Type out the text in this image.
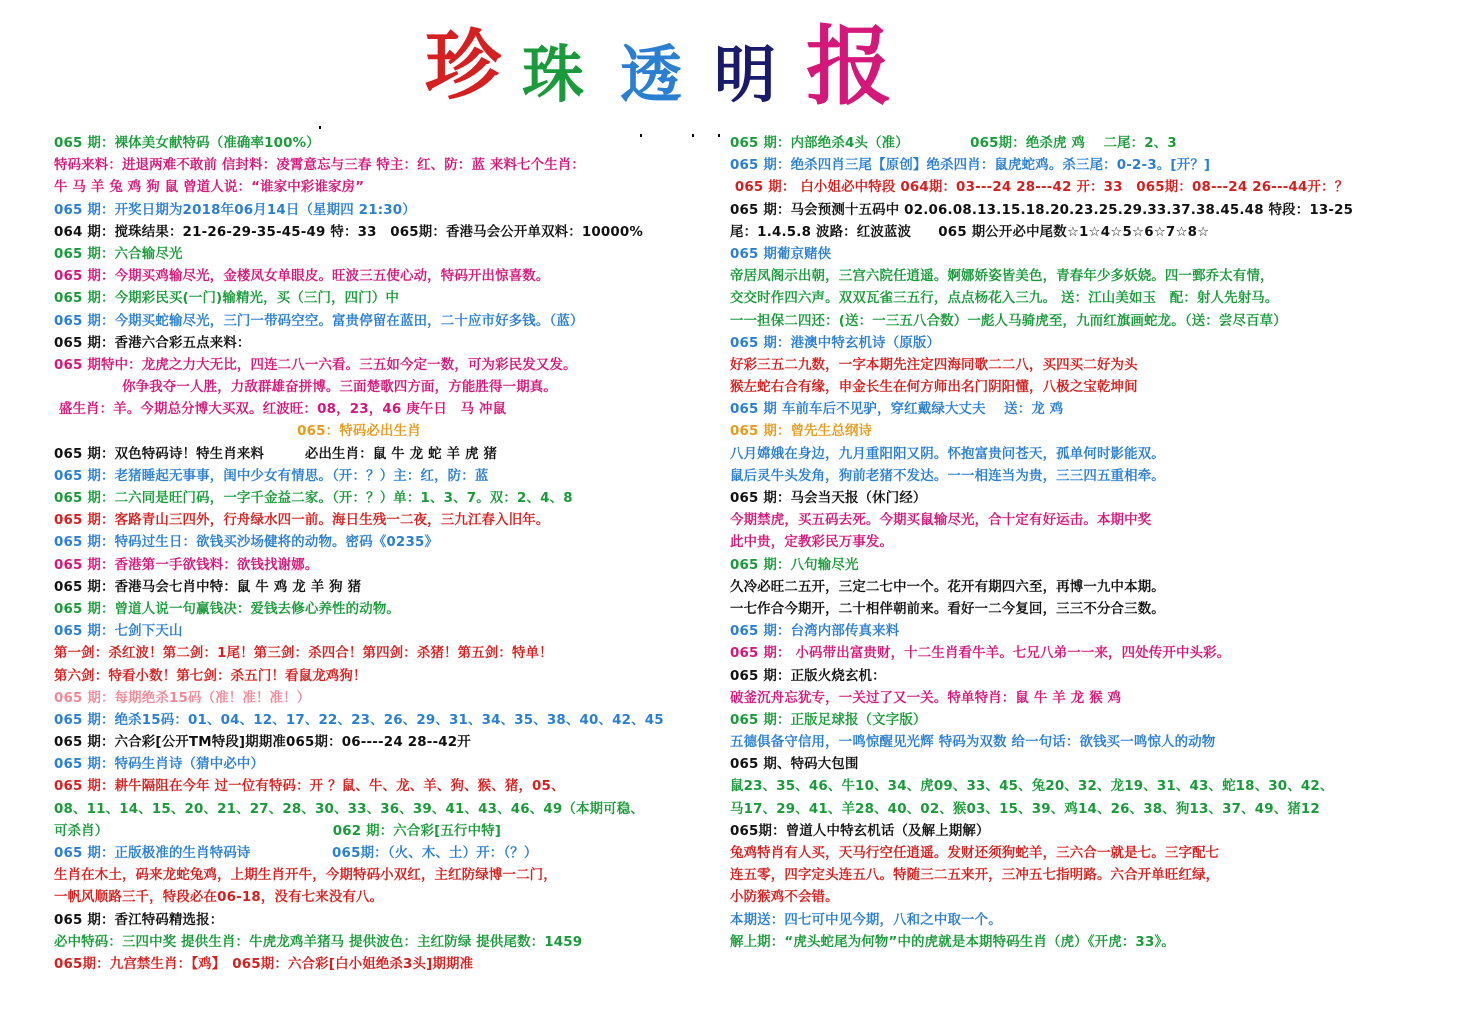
珍 珠 透 明 报
065 期：裸体美女献特码（准确率100%）
特码来料：进退两难不敢前 信封料：凌霄意忘与三春 特主：红、防：蓝 来料七个生肖：
牛 马 羊 兔 鸡 狗 鼠 曾道人说：“谁家中彩谁家房”
065 期：开奖日期为2018年06月14日（星期四 21:30）
064 期：搅珠结果：21-26-29-35-45-49 特：33　065期：香港马会公开单双料：10000%
065 期：六合输尽光
065 期：今期买鸡输尽光，金楼凤女单眼皮。旺波三五使心动，特码开出惊喜数。
065 期：今期彩民买(一门)输精光，买（三门，四门）中
065 期：今期买蛇输尽光，三门一带码空空。富贵停留在蓝田，二十应市好多钱。（蓝）
065 期：香港六合彩五点来料：
065 期特中：龙虎之力大无比，四连二八一六看。三五如今定一数，可为彩民发又发。
你争我夺一人胜，力敌群雄奋拼博。三面楚歌四方面，方能胜得一期真。
盛生肖：羊。今期总分博大买双。红波旺：08，23，46 庚午日　马 冲鼠
065：特码必出生肖
065 期：双色特码诗！特生肖来料　　　必出生肖：鼠 牛 龙 蛇 羊 虎 猪
065 期：老猪睡起无事事，闺中少女有情思。（开：？）主：红，防：蓝
065 期：二六同是旺门码，一字千金益二家。（开：？）单：1、3、7。双：2、4、8
065 期：客路青山三四外，行舟绿水四一前。海日生残一二夜，三九江春入旧年。
065 期：特码过生日：欲钱买沙场健将的动物。密码《0235》
065 期：香港第一手欲钱料：欲钱找谢娜。
065 期：香港马会七肖中特：鼠 牛 鸡 龙 羊 狗 猪
065 期：曾道人说一句赢钱决：爱钱去修心养性的动物。
065 期：七剑下天山
第一剑：杀红波！第二剑：1尾！第三剑：杀四合！第四剑：杀猪！第五剑：特单！
第六剑：特看小数！第七剑：杀五门！看鼠龙鸡狗！
065 期：每期绝杀15码（准！准！准！）
065 期：绝杀15码：01、04、12、17、22、23、26、29、31、34、35、38、40、42、45
065 期：六合彩[公开TM特段]期期准065期：06----24 28--42开
065 期：特码生肖诗（猜中必中）
065 期：耕牛隔阻在今年 过一位有特码：开 ？鼠、牛、龙、羊、狗、猴、猪，05、
08、11、14、15、20、21、27、28、30、33、36、39、41、43、46、49（本期可稳、
可杀肖）　　　　　　　　　　　　　　　　　062 期：六合彩[五行中特]
065 期：正版极准的生肖特码诗　　　　　　065期：（火、木、土）开：（？）
生肖在木土，码来龙蛇兔鸡，上期生肖开牛，今期特码小双红，主红防绿博一二门，
一帆风顺路三千，特段必在06-18，没有七来没有八。
065 期：香江特码精选报：
必中特码：三四中奖 提供生肖：牛虎龙鸡羊猪马 提供波色：主红防绿 提供尾数：1459
065期：九宫禁生肖：【鸡】　065期：六合彩[白小姐绝杀3头]期期准
065 期：内部绝杀4头（准）　　　　　065期：绝杀虎 鸡　 二尾：2、3
065 期：绝杀四肖三尾【原创】绝杀四肖：鼠虎蛇鸡。杀三尾：0-2-3。[开？]
065 期： 白小姐必中特段 064期：03---24 28---42 开：33　065期：08---24 26---44开：？
065 期：马会预测十五码中 02.06.08.13.15.18.20.23.25.29.33.37.38.45.48 特段：13-25
尾：1.4.5.8 波路：红波蓝波　　065 期公开必中尾数☆1☆4☆5☆6☆7☆8☆
065 期葡京赌侠
帝居凤阁示出朝，三宫六院任逍遥。婀娜娇姿皆美色，青春年少多妖娆。四一鄄乔太有情，
交交时作四六声。双双瓦雀三五行，点点杨花入三九。 送：江山美如玉　配：射人先射马。
一一担保二四还：(送：一三五八合数）一彪人马骑虎至，九而红旗画蛇龙。（送：尝尽百草）
065 期：港澳中特玄机诗（原版）
好彩三五二九数，一字本期先注定四海同歌二二八，买四买二好为头
猴左蛇右合有缘，申金长生在何方师出名门阴阳懂，八极之宝乾坤间
065 期 车前车后不见驴，穿红戴绿大丈夫　 送：龙 鸡
065 期：曾先生总纲诗
八月嫦娥在身边，九月重阳阳又阴。怀抱富贵问苍天，孤单何时影能双。
鼠后灵牛头发角，狗前老猪不发达。一一相连当为贵，三三四五重相牵。
065 期：马会当天报（休门经）
今期禁虎，买五码去死。今期买鼠输尽光，合十定有好运击。本期中奖
此中贵，定教彩民万事发。
065 期：八句输尽光
久冷必旺二五开，三定二七中一个。花开有期四六至，再博一九中本期。
一七作合今期开，二十相伴朝前来。看好一二今复回，三三不分合三数。
065 期：台湾内部传真来料
065 期： 小码带出富贵财，十二生肖看牛羊。七兄八弟一一来，四处传开中头彩。
065 期：正版火烧玄机：
破釜沉舟忘犹专，一关过了又一关。特单特肖：鼠 牛 羊 龙 猴 鸡
065 期：正版足球报（文字版）
五德俱备守信用，一鸣惊醒见光辉 特码为双数 给一句话：欲钱买一鸣惊人的动物
065 期、特码大包围
鼠23、35、46、牛10、34、虎09、33、45、兔20、32、龙19、31、43、蛇18、30、42、
马17、29、41、羊28、40、02、猴03、15、39、鸡14、26、38、狗13、37、49、猪12
065期：曾道人中特玄机话（及解上期解）
兔鸡特肖有人买，天马行空任逍遥。发财还须狗蛇羊，三六合一就是七。三字配七
连五零，四字定头连五八。特随三二五来开，三冲五七指明路。六合开单旺红绿，
小防猴鸡不会错。
本期送：四七可中见今期，八和之中取一个。
解上期：“虎头蛇尾为何物”中的虎就是本期特码生肖（虎）《开虎：33》。
